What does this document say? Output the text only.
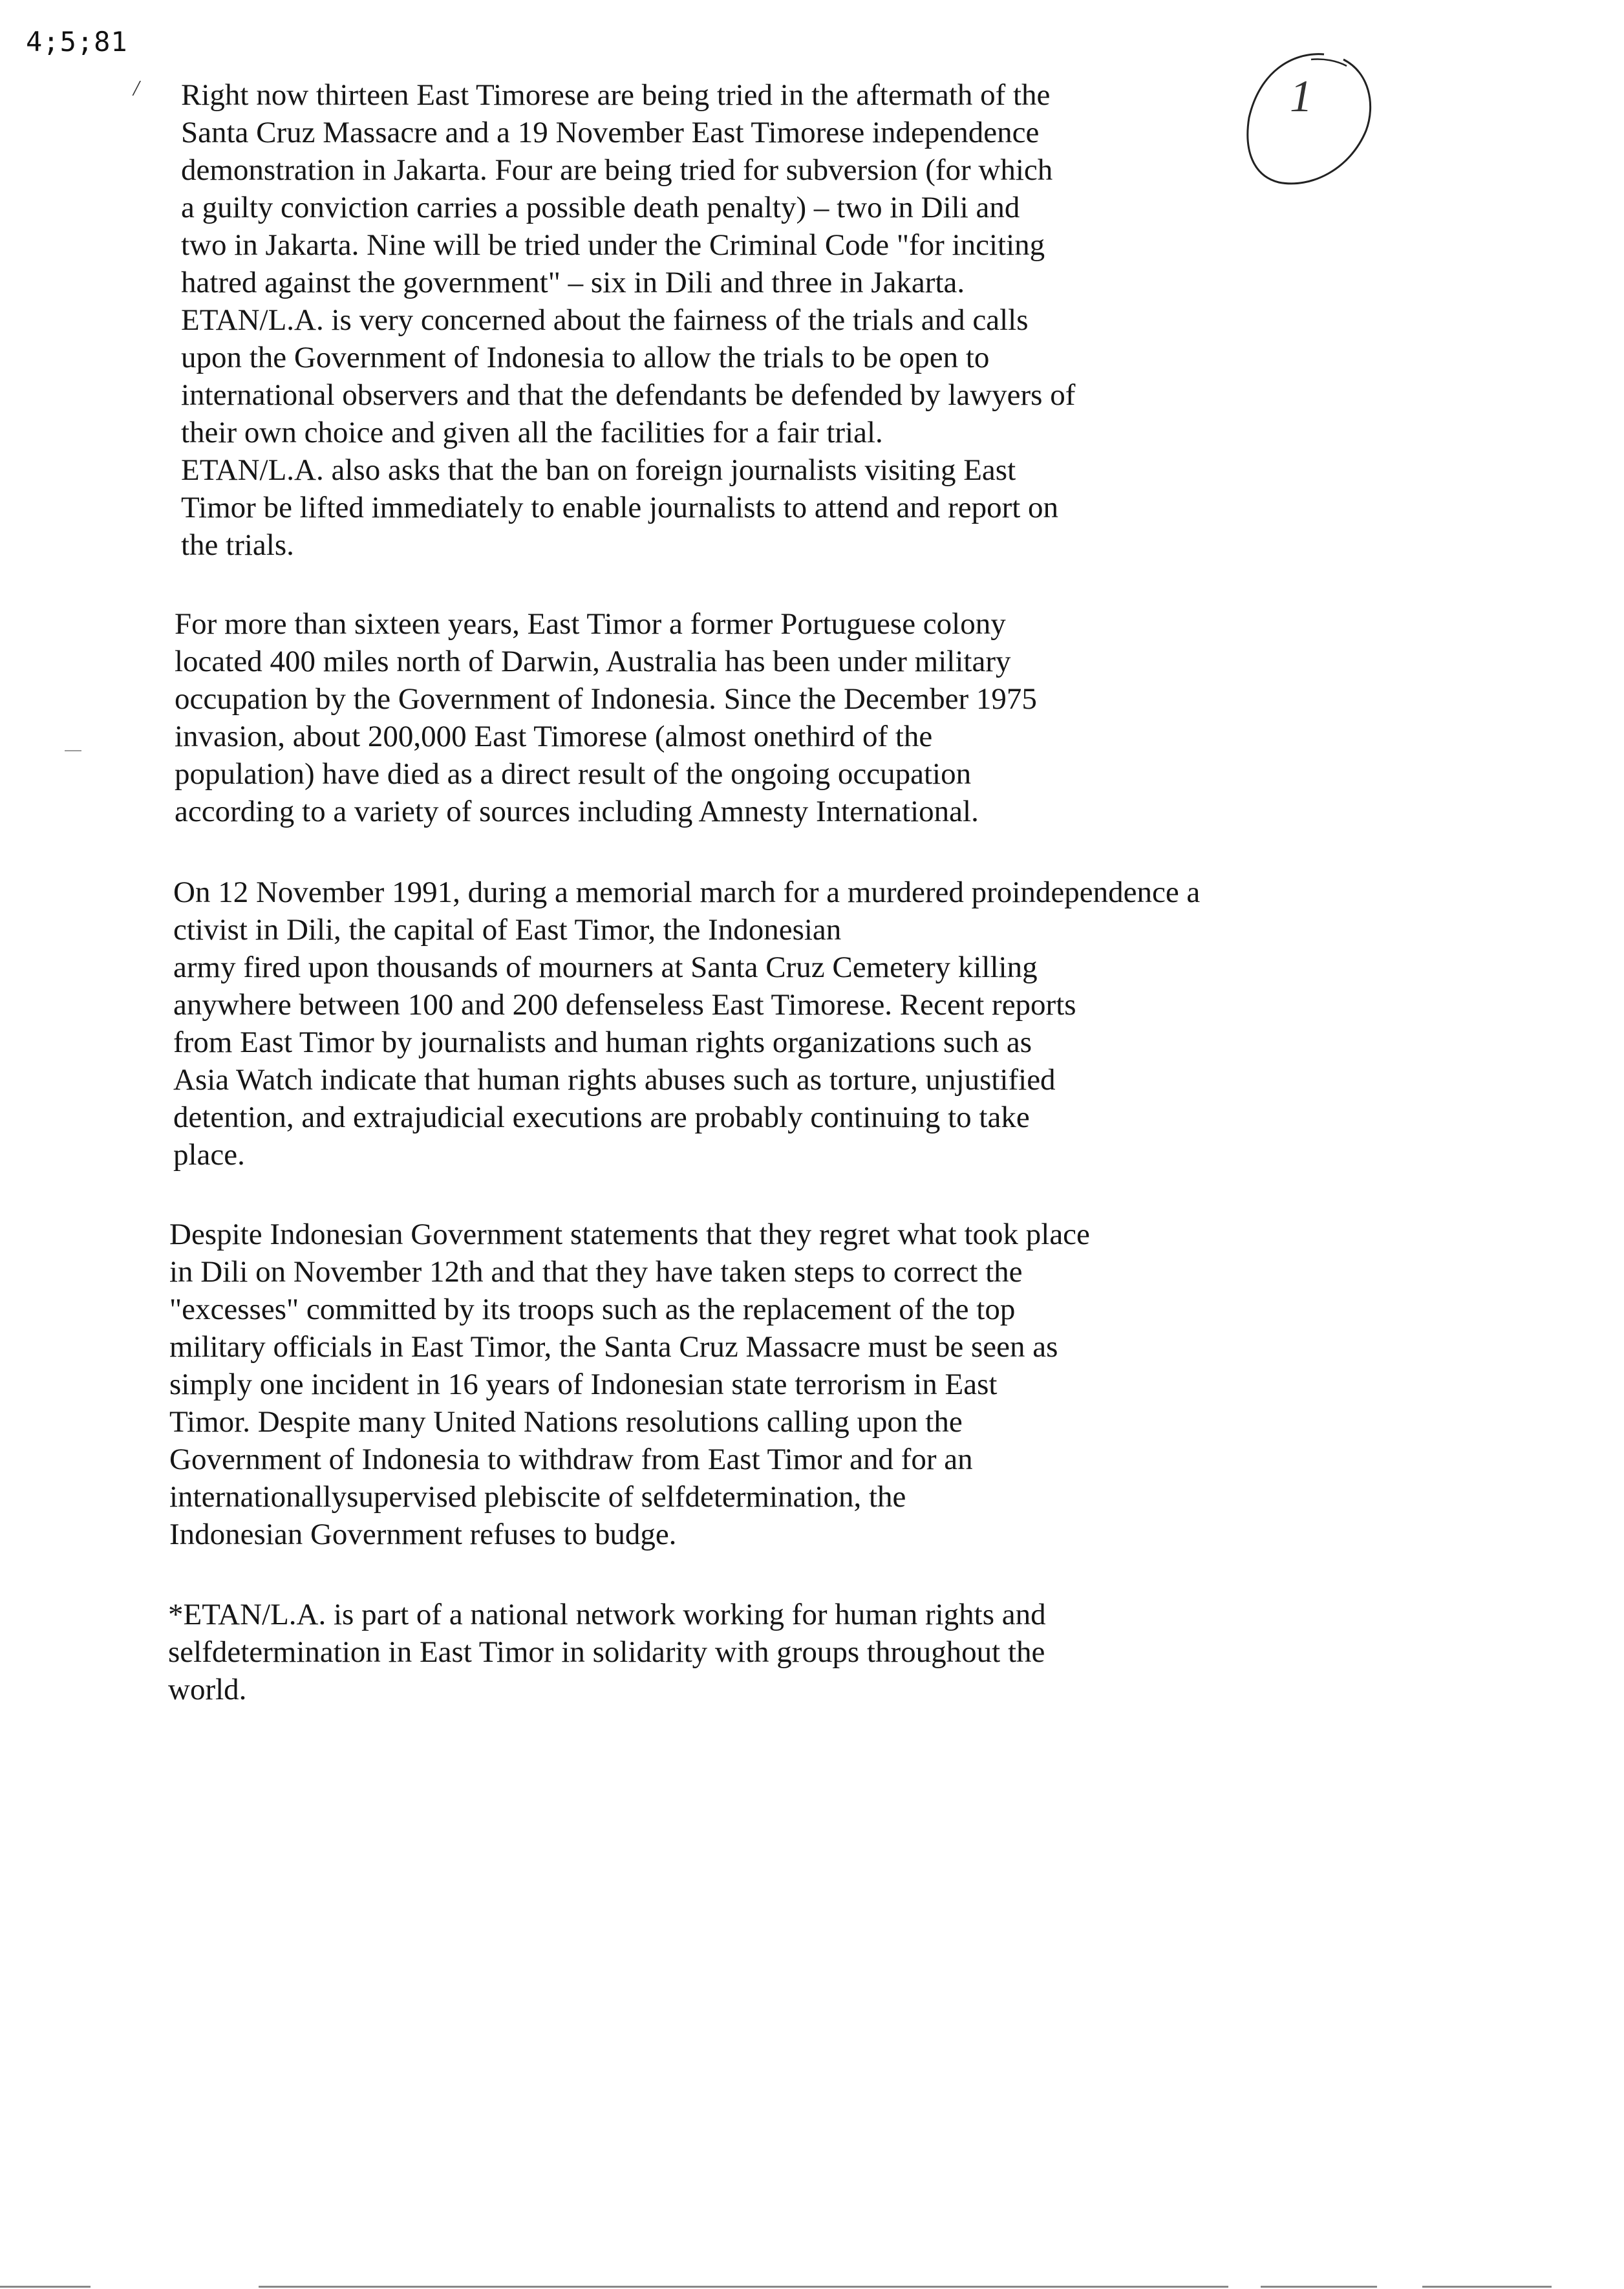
4;5;81
/	1
Right now thirteen East Timorese are being tried in the aftermath of the
Santa Cruz Massacre and a 19 November East Timorese independence
demonstration in Jakarta. Four are being tried for subversion (for which
a guilty conviction carries a possible death penalty) – two in Dili and
two in Jakarta. Nine will be tried under the Criminal Code "for inciting
hatred against the government" – six in Dili and three in Jakarta.
ETAN/L.A. is very concerned about the fairness of the trials and calls
upon the Government of Indonesia to allow the trials to be open to
international observers and that the defendants be defended by lawyers of
their own choice and given all the facilities for a fair trial.
ETAN/L.A. also asks that the ban on foreign journalists visiting East
Timor be lifted immediately to enable journalists to attend and report on
the trials.
For more than sixteen years, East Timor a former Portuguese colony
located 400 miles north of Darwin, Australia has been under military
occupation by the Government of Indonesia. Since the December 1975
invasion, about 200,000 East Timorese (almost onethird of the
population) have died as a direct result of the ongoing occupation
according to a variety of sources including Amnesty International.
On 12 November 1991, during a memorial march for a murdered proindependence a
ctivist in Dili, the capital of East Timor, the Indonesian
army fired upon thousands of mourners at Santa Cruz Cemetery killing
anywhere between 100 and 200 defenseless East Timorese. Recent reports
from East Timor by journalists and human rights organizations such as
Asia Watch indicate that human rights abuses such as torture, unjustified
detention, and extrajudicial executions are probably continuing to take
place.
Despite Indonesian Government statements that they regret what took place
in Dili on November 12th and that they have taken steps to correct the
"excesses" committed by its troops such as the replacement of the top
military officials in East Timor, the Santa Cruz Massacre must be seen as
simply one incident in 16 years of Indonesian state terrorism in East
Timor. Despite many United Nations resolutions calling upon the
Government of Indonesia to withdraw from East Timor and for an
internationallysupervised plebiscite of selfdetermination, the
Indonesian Government refuses to budge.
*ETAN/L.A. is part of a national network working for human rights and
selfdetermination in East Timor in solidarity with groups throughout the
world.
